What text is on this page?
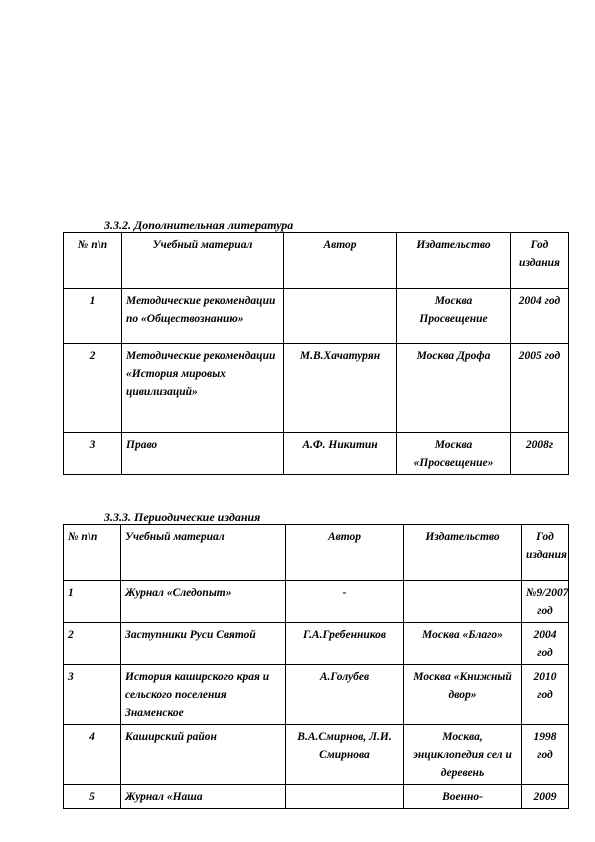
3.3.2. Дополнительная литература
№ п\п	Учебный материал	Автор	Издательство	Год издания
1	Методические рекомендации по «Обществознанию»		Москва Просвещение	2004 год
2	Методические рекомендации «История мировых цивилизаций»	М.В.Хачатурян	Москва Дрофа	2005 год
3	Право	А.Ф. Никитин	Москва «Просвещение»	2008г
3.3.3. Периодические издания
№ п\п	Учебный материал	Автор	Издательство	Год издания
1	Журнал «Следопыт»	-		№9/2007 год
2	Заступники Руси Святой	Г.А.Гребенников	Москва «Благо»	2004 год
3	История каширского края и сельского поселения Знаменское	А.Голубев	Москва «Книжный двор»	2010 год
4	Каширский район	В.А.Смирнов, Л.И. Смирнова	Москва, энциклопедия сел и деревень	1998 год
5	Журнал «Наша		Военно-	2009
